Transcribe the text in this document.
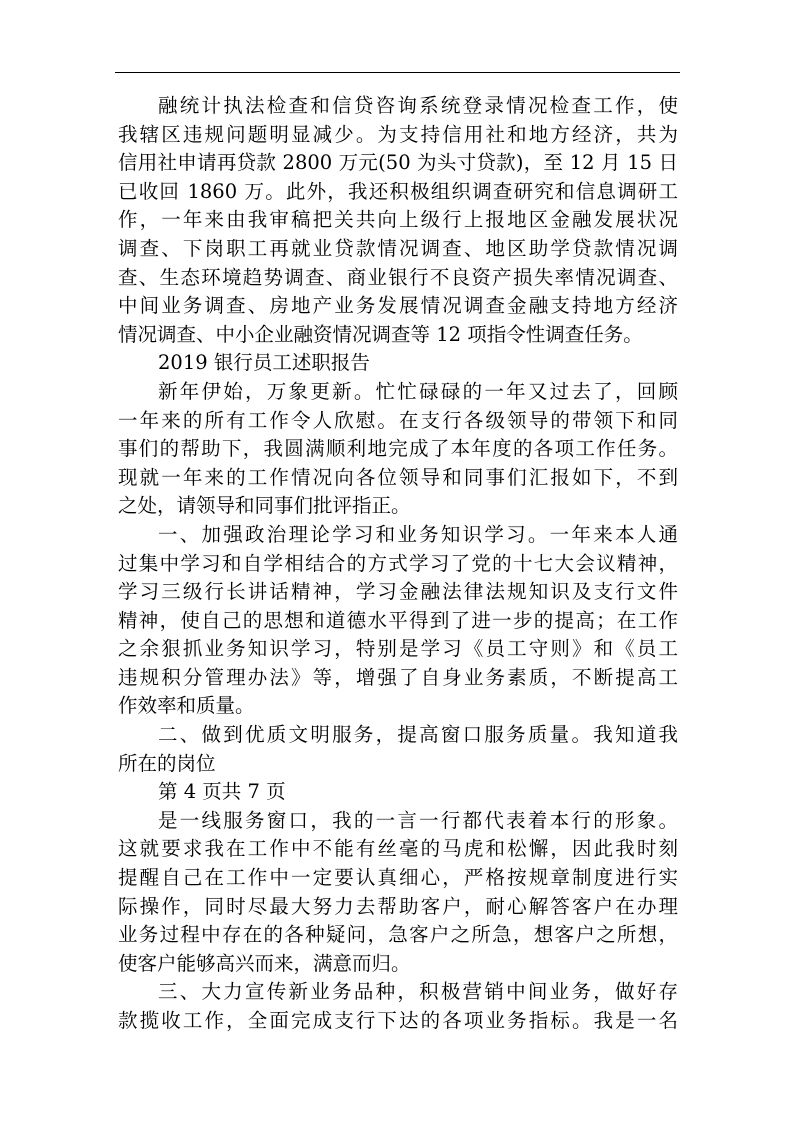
融统计执法检查和信贷咨询系统登录情况检查工作，使
我辖区违规问题明显减少。为支持信用社和地方经济，共为
信用社申请再贷款 2800 万元(50 为头寸贷款)，至 12 月 15 日
已收回 1860 万。此外，我还积极组织调查研究和信息调研工
作，一年来由我审稿把关共向上级行上报地区金融发展状况
调查、下岗职工再就业贷款情况调查、地区助学贷款情况调
查、生态环境趋势调查、商业银行不良资产损失率情况调查、
中间业务调查、房地产业务发展情况调查金融支持地方经济
情况调查、中小企业融资情况调查等 12 项指令性调查任务。
2019 银行员工述职报告
新年伊始，万象更新。忙忙碌碌的一年又过去了，回顾
一年来的所有工作令人欣慰。在支行各级领导的带领下和同
事们的帮助下，我圆满顺利地完成了本年度的各项工作任务。
现就一年来的工作情况向各位领导和同事们汇报如下，不到
之处，请领导和同事们批评指正。
一、加强政治理论学习和业务知识学习。一年来本人通
过集中学习和自学相结合的方式学习了党的十七大会议精神，
学习三级行长讲话精神，学习金融法律法规知识及支行文件
精神，使自己的思想和道德水平得到了进一步的提高；在工作
之余狠抓业务知识学习，特别是学习《员工守则》和《员工
违规积分管理办法》等，增强了自身业务素质，不断提高工
作效率和质量。
二、做到优质文明服务，提高窗口服务质量。我知道我
所在的岗位
第 4 页共 7 页
是一线服务窗口，我的一言一行都代表着本行的形象。
这就要求我在工作中不能有丝毫的马虎和松懈，因此我时刻
提醒自己在工作中一定要认真细心，严格按规章制度进行实
际操作，同时尽最大努力去帮助客户，耐心解答客户在办理
业务过程中存在的各种疑问，急客户之所急，想客户之所想，
使客户能够高兴而来，满意而归。
三、大力宣传新业务品种，积极营销中间业务，做好存
款揽收工作，全面完成支行下达的各项业务指标。我是一名
